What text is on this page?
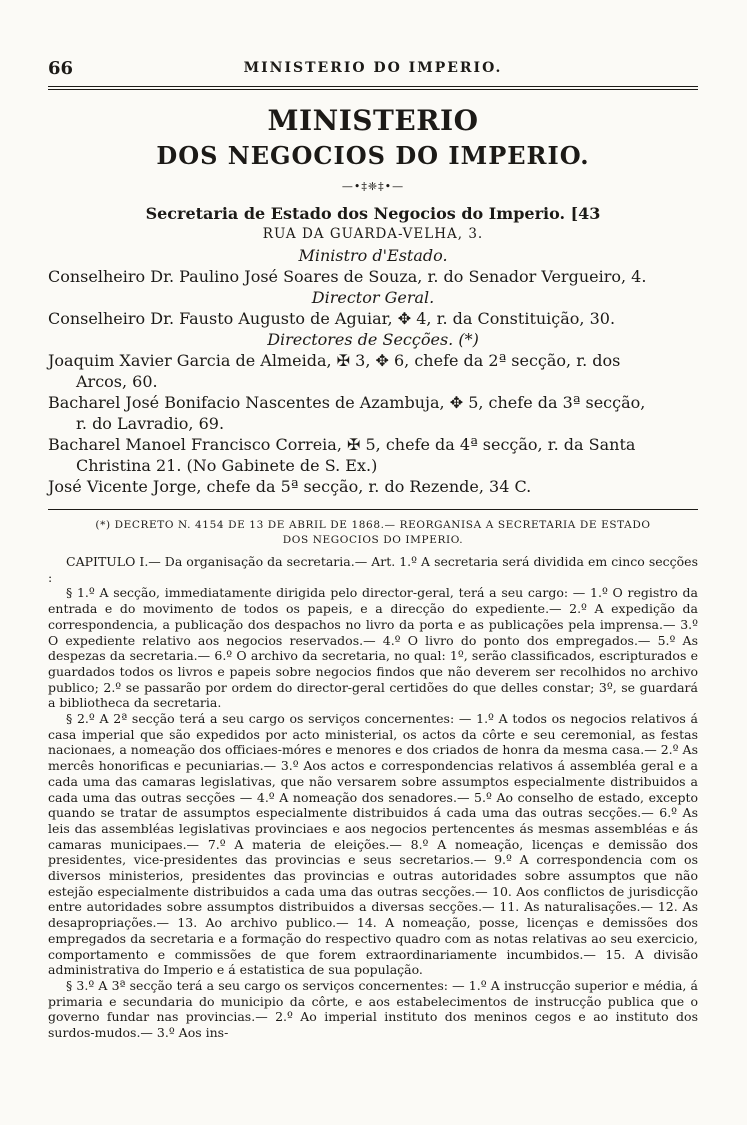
66	MINISTERIO DO IMPERIO.
MINISTERIO
DOS NEGOCIOS DO IMPERIO.
—•‡❈‡•—
Secretaria de Estado dos Negocios do Imperio. [43
RUA DA GUARDA-VELHA, 3.
Ministro d'Estado.
Conselheiro Dr. Paulino José Soares de Souza, r. do Senador Vergueiro, 4.
Director Geral.
Conselheiro Dr. Fausto Augusto de Aguiar, ✥ 4, r. da Constituição, 30.
Directores de Secções. (*)
Joaquim Xavier Garcia de Almeida, ✠ 3, ✥ 6, chefe da 2ª secção, r. dos
Arcos, 60.
Bacharel José Bonifacio Nascentes de Azambuja, ✥ 5, chefe da 3ª secção,
r. do Lavradio, 69.
Bacharel Manoel Francisco Correia, ✠ 5, chefe da 4ª secção, r. da Santa
Christina 21. (No Gabinete de S. Ex.)
José Vicente Jorge, chefe da 5ª secção, r. do Rezende, 34 C.
(*) DECRETO N. 4154 DE 13 DE ABRIL DE 1868.— REORGANISA A SECRETARIA DE ESTADO
DOS NEGOCIOS DO IMPERIO.

CAPITULO I.— Da organisação da secretaria.— Art. 1.º A secretaria será dividida em cinco secções :

§ 1.º A secção, immediatamente dirigida pelo director-geral, terá a seu cargo: — 1.º O registro da entrada e do movimento de todos os papeis, e a direcção do expediente.— 2.º A expedição da correspondencia, a publicação dos despachos no livro da porta e as publicações pela imprensa.— 3.º O expediente relativo aos negocios reservados.— 4.º O livro do ponto dos empregados.— 5.º As despezas da secretaria.— 6.º O archivo da secretaria, no qual: 1º, serão classificados, escripturados e guardados todos os livros e papeis sobre negocios findos que não deverem ser recolhidos no archivo publico; 2.º se passarão por ordem do director-geral certidões do que delles constar; 3º, se guardará a bibliotheca da secretaria.

§ 2.º A 2ª secção terá a seu cargo os serviços concernentes: — 1.º A todos os negocios relativos á casa imperial que são expedidos por acto ministerial, os actos da côrte e seu ceremonial, as festas nacionaes, a nomeação dos officiaes-móres e menores e dos criados de honra da mesma casa.— 2.º As mercês honorificas e pecuniarias.— 3.º Aos actos e correspondencias relativos á assembléa geral e a cada uma das camaras legislativas, que não versarem sobre assumptos especialmente distribuidos a cada uma das outras secções — 4.º A nomeação dos senadores.— 5.º Ao conselho de estado, excepto quando se tratar de assumptos especialmente distribuidos á cada uma das outras secções.— 6.º As leis das assembléas legislativas provinciaes e aos negocios pertencentes ás mesmas assembléas e ás camaras municipaes.— 7.º A materia de eleições.— 8.º A nomeação, licenças e demissão dos presidentes, vice-presidentes das provincias e seus secretarios.— 9.º A correspondencia com os diversos ministerios, presidentes das provincias e outras autoridades sobre assumptos que não estejão especialmente distribuidos a cada uma das outras secções.— 10. Aos conflictos de jurisdicção entre autoridades sobre assumptos distribuidos a diversas secções.— 11. As naturalisações.— 12. As desapropriações.— 13. Ao archivo publico.— 14. A nomeação, posse, licenças e demissões dos empregados da secretaria e a formação do respectivo quadro com as notas relativas ao seu exercicio, comportamento e commissões de que forem extraordinariamente incumbidos.— 15. A divisão administrativa do Imperio e á estatistica de sua população.

§ 3.º A 3ª secção terá a seu cargo os serviços concernentes: — 1.º A instrucção superior e média, á primaria e secundaria do municipio da côrte, e aos estabelecimentos de instrucção publica que o governo fundar nas provincias.— 2.º Ao imperial instituto dos meninos cegos e ao instituto dos surdos-mudos.— 3.º Aos ins-
